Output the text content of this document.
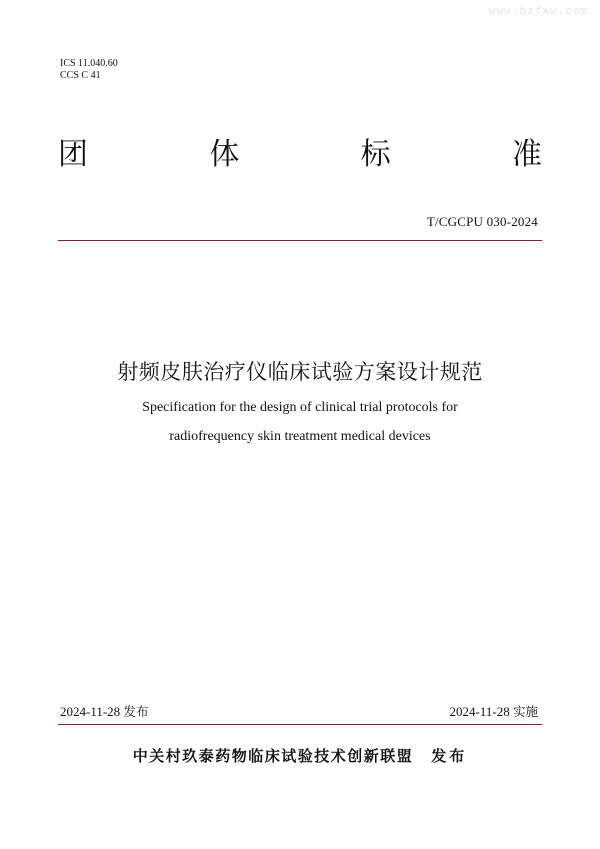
www.bzfxw.com
ICS 11.040.60
CCS C 41
团	体	标	准
T/CGCPU 030-2024
射频皮肤治疗仪临床试验方案设计规范
Specification for the design of clinical trial protocols for
radiofrequency skin treatment medical devices
2024-11-28 发布	2024-11-28 实施
中关村玖泰药物临床试验技术创新联盟 发布
